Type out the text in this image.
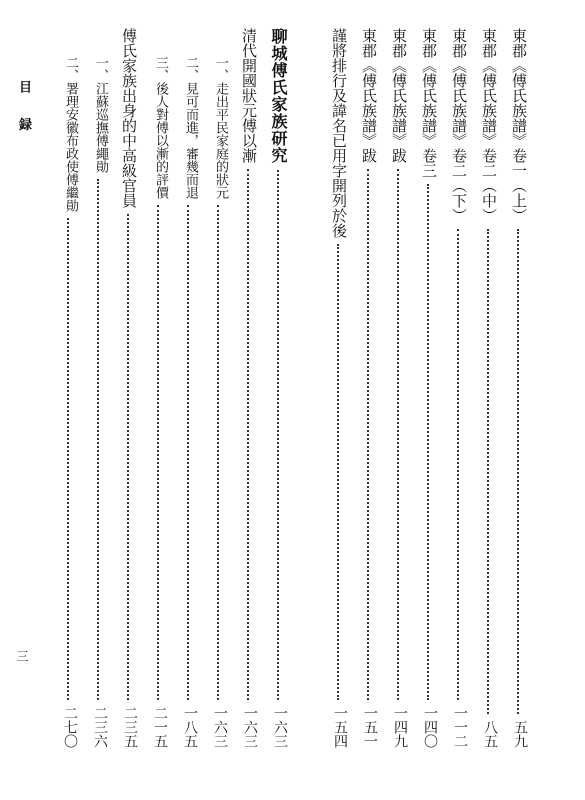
目 録
三
東郡《傅氏族譜》卷一（上）
五九
東郡《傅氏族譜》卷二（中）
八五
東郡《傅氏族譜》卷二（下）
一一二
東郡《傅氏族譜》卷三
一四〇
東郡《傅氏族譜》跋
一四九
東郡《傅氏族譜》跋
一五一
謹將排行及諱名已用字開列於後
一五四
聊城傅氏家族研究
一六三
清代開國狀元傅以漸
一六三
一、走出平民家庭的狀元
一六三
二、見可而進，審幾而退
一八五
三、後人對傅以漸的評價
二一五
傅氏家族出身的中高級官員
二三五
一、江蘇巡撫傅繩勛
二三六
二、署理安徽布政使傅繼勛
二七〇
